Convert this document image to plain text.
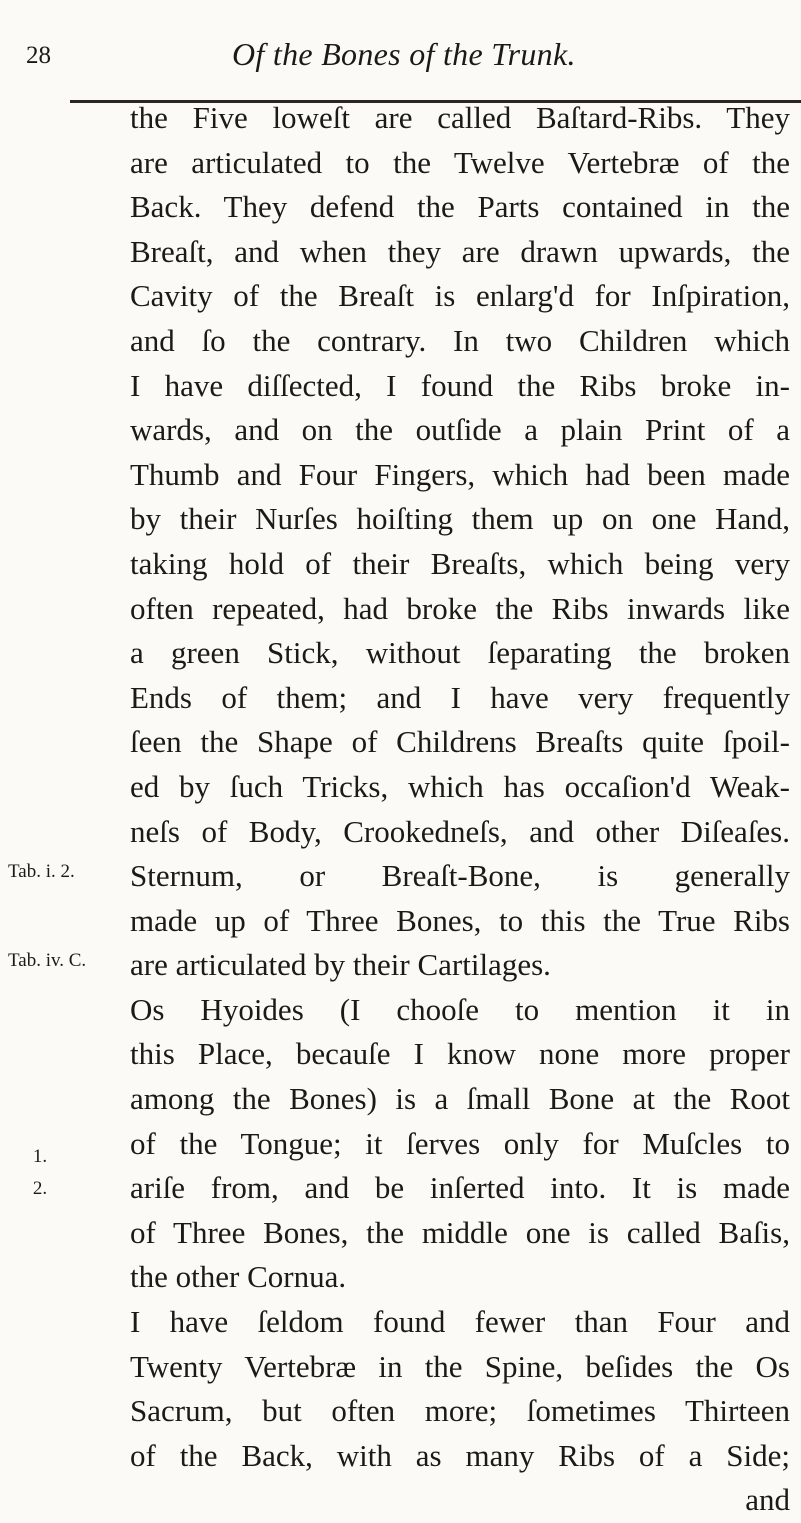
28	Of the Bones of the Trunk.
Tab. i. 2.
Tab. iv. C.
1.
2.
the Five loweſt are called Baſtard-Ribs. They
are articulated to the Twelve Vertebræ of the
Back. They defend the Parts contained in the
Breaſt, and when they are drawn upwards, the
Cavity of the Breaſt is enlarg'd for Inſpiration,
and ſo the contrary. In two Children which
I have diſſected, I found the Ribs broke in-
wards, and on the outſide a plain Print of a
Thumb and Four Fingers, which had been made
by their Nurſes hoiſting them up on one Hand,
taking hold of their Breaſts, which being very
often repeated, had broke the Ribs inwards like
a green Stick, without ſeparating the broken
Ends of them; and I have very frequently
ſeen the Shape of Childrens Breaſts quite ſpoil-
ed by ſuch Tricks, which has occaſion'd Weak-
neſs of Body, Crookedneſs, and other Diſeaſes.
Sternum, or Breaſt-Bone, is generally
made up of Three Bones, to this the True Ribs
are articulated by their Cartilages.
Os Hyoides (I chooſe to mention it in
this Place, becauſe I know none more proper
among the Bones) is a ſmall Bone at the Root
of the Tongue; it ſerves only for Muſcles to
ariſe from, and be inſerted into. It is made
of Three Bones, the middle one is called Baſis,
the other Cornua.
I have ſeldom found fewer than Four and
Twenty Vertebræ in the Spine, beſides the Os
Sacrum, but often more; ſometimes Thirteen
of the Back, with as many Ribs of a Side;
and
